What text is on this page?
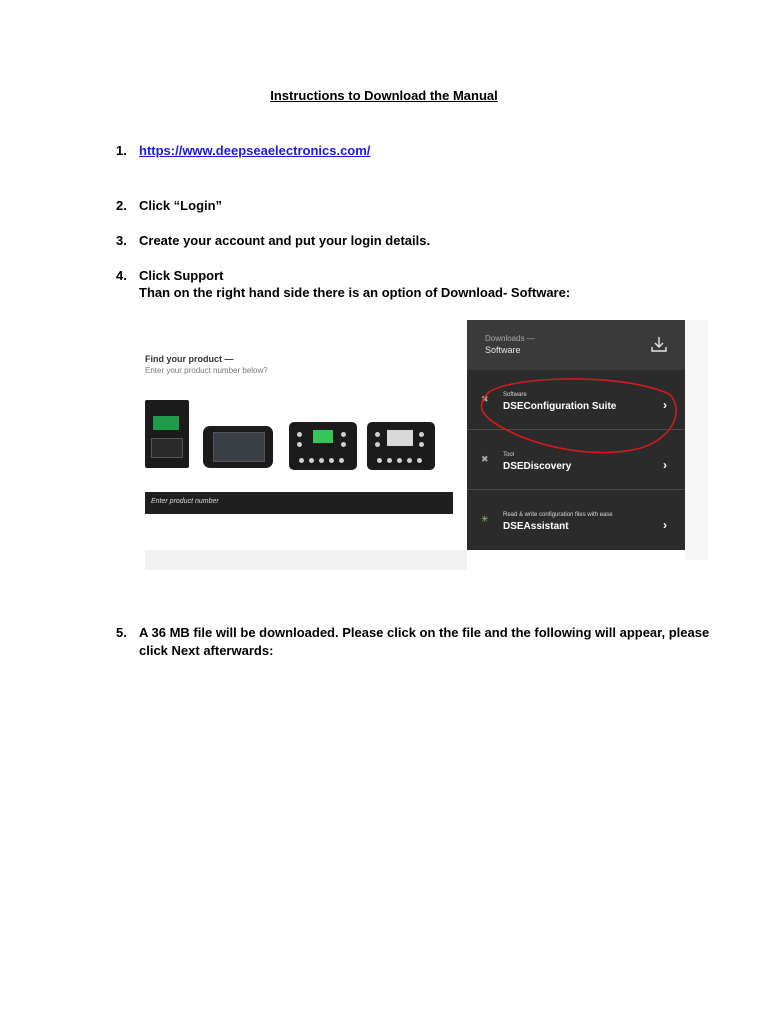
Instructions to Download the Manual
1. https://www.deepseaelectronics.com/
2. Click “Login”
3. Create your account and put your login details.
4. Click Support
Than on the right hand side there is an option of Download- Software:
Find your product —
Enter your product number below?
Enter product number
Downloads —
Software
✖ Software
DSEConfiguration Suite	›
✖ Tool
DSEDiscovery	›
✳ Read & write configuration files with ease
DSEAssistant	›
5. A 36 MB file will be downloaded. Please click on the file and the following will appear, please
click Next afterwards:
